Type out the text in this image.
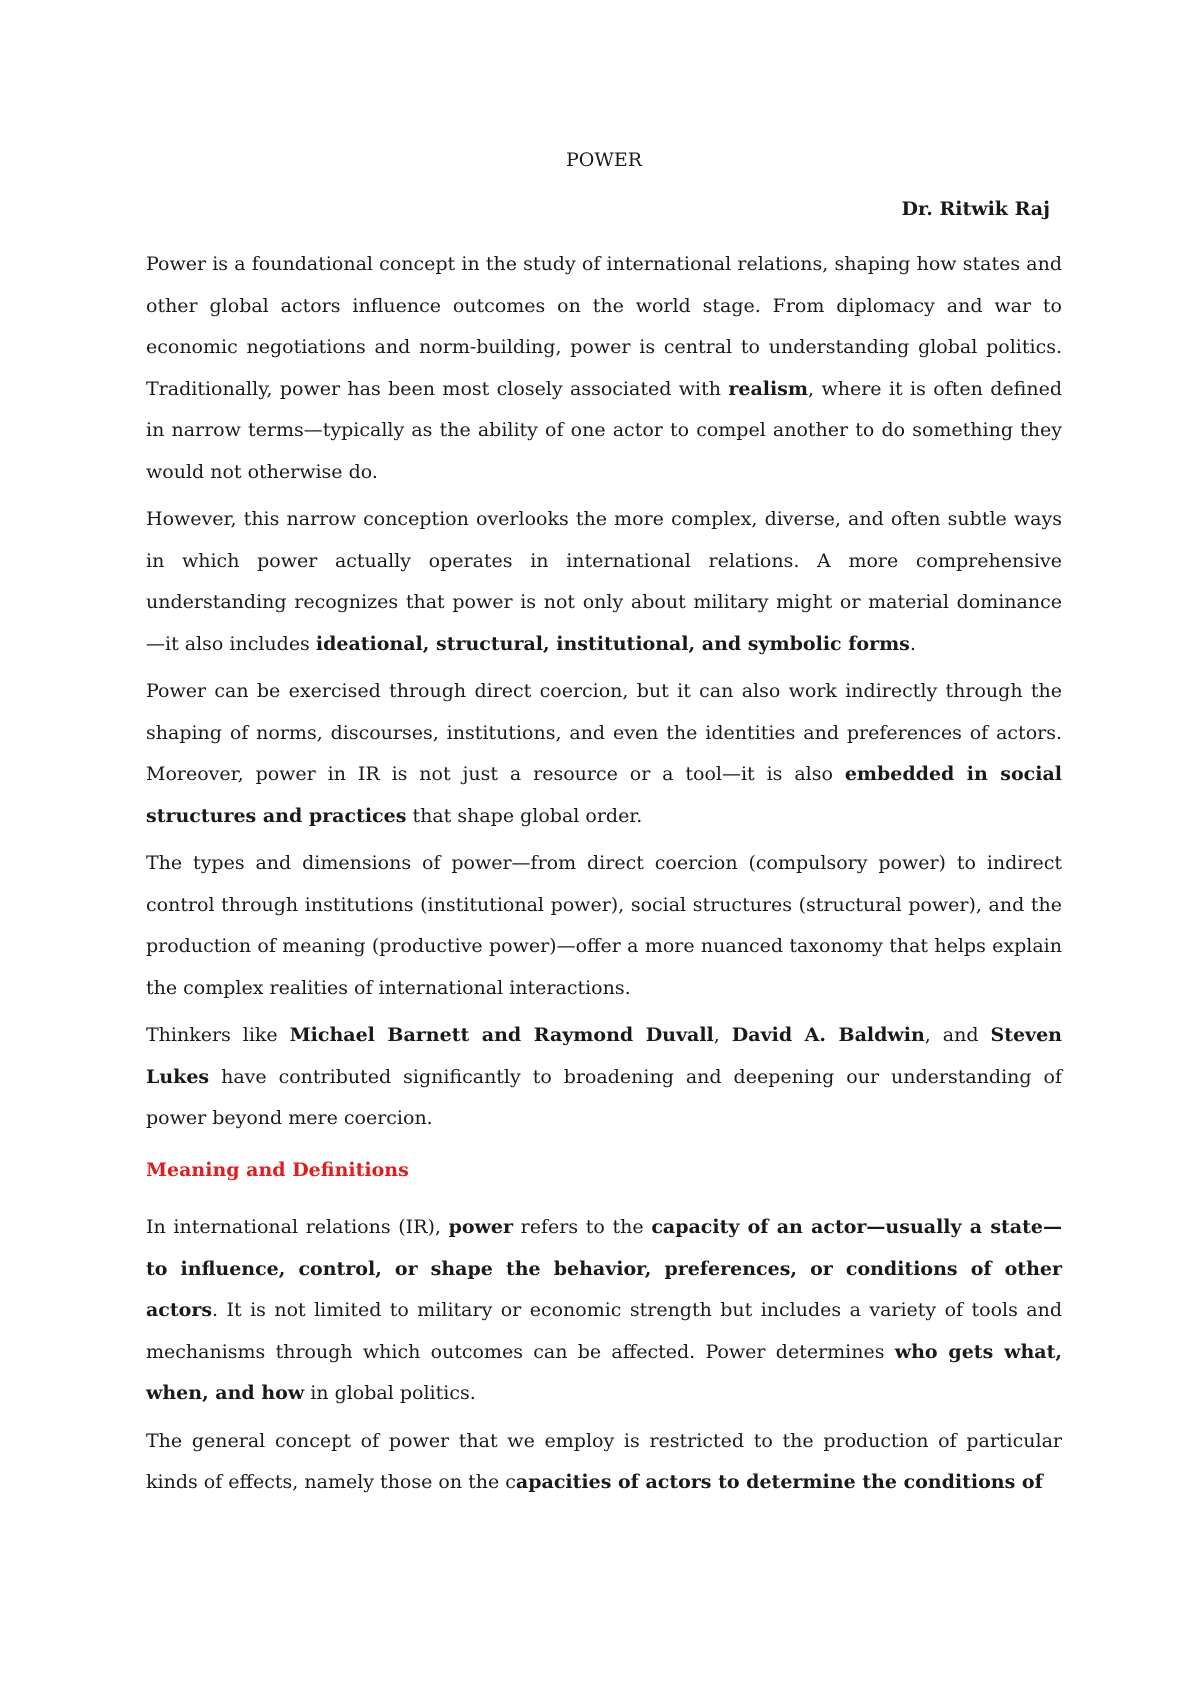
POWER
Dr. Ritwik Raj

Power is a foundational concept in the study of international relations, shaping how states and other global actors influence outcomes on the world stage. From diplomacy and war to economic negotiations and norm-building, power is central to understanding global politics. Traditionally, power has been most closely associated with realism, where it is often defined in narrow terms—typically as the ability of one actor to compel another to do something they would not otherwise do.

However, this narrow conception overlooks the more complex, diverse, and often subtle ways in which power actually operates in international relations. A more comprehensive understanding recognizes that power is not only about military might or material dominance —it also includes ideational, structural, institutional, and symbolic forms.

Power can be exercised through direct coercion, but it can also work indirectly through the shaping of norms, discourses, institutions, and even the identities and preferences of actors. Moreover, power in IR is not just a resource or a tool—it is also embedded in social structures and practices that shape global order.

The types and dimensions of power—from direct coercion (compulsory power) to indirect control through institutions (institutional power), social structures (structural power), and the production of meaning (productive power)—offer a more nuanced taxonomy that helps explain the complex realities of international interactions.

Thinkers like Michael Barnett and Raymond Duvall, David A. Baldwin, and Steven Lukes have contributed significantly to broadening and deepening our understanding of power beyond mere coercion.

Meaning and Definitions

In international relations (IR), power refers to the capacity of an actor—usually a state—to influence, control, or shape the behavior, preferences, or conditions of other actors. It is not limited to military or economic strength but includes a variety of tools and mechanisms through which outcomes can be affected. Power determines who gets what, when, and how in global politics.

The general concept of power that we employ is restricted to the production of particular kinds of effects, namely those on the capacities of actors to determine the conditions of
